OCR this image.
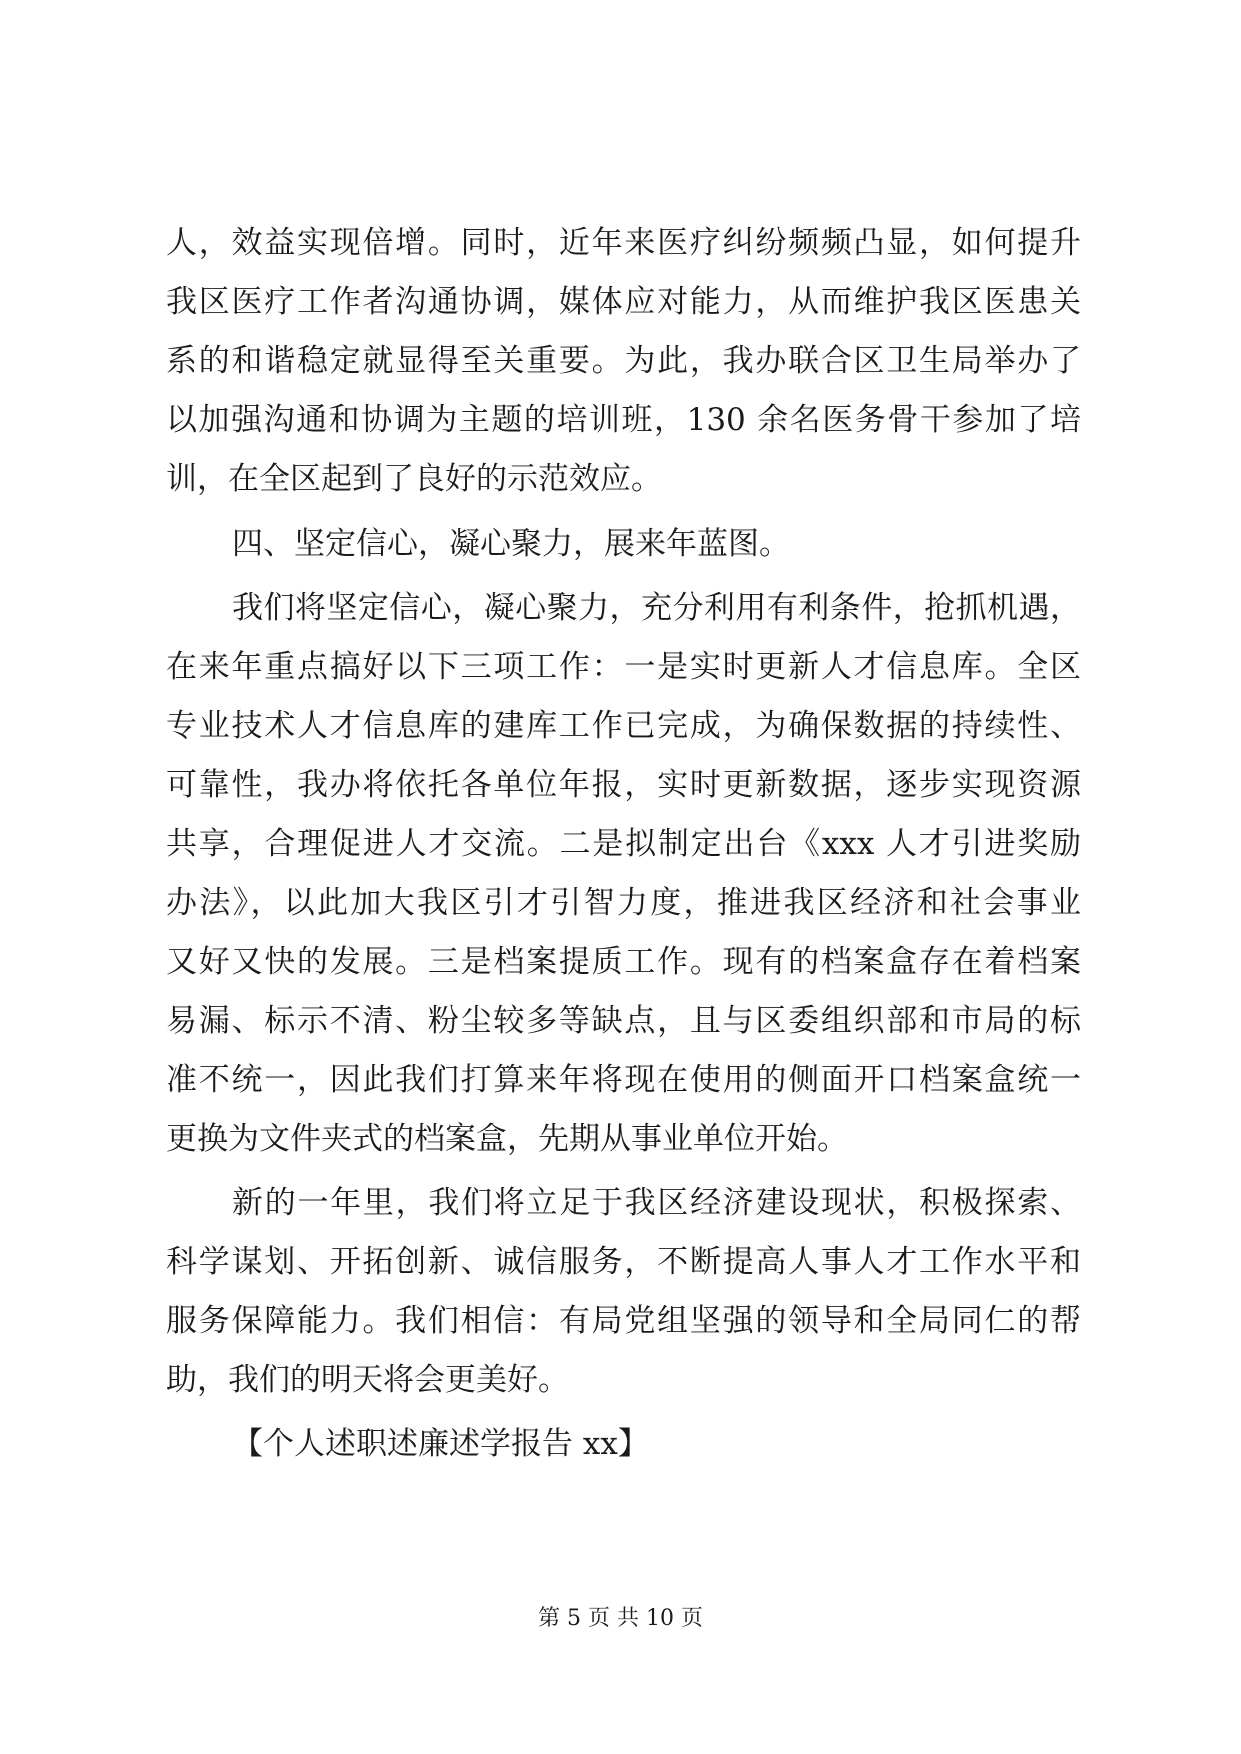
人，效益实现倍增。同时，近年来医疗纠纷频频凸显，如何提升
我区医疗工作者沟通协调，媒体应对能力，从而维护我区医患关
系的和谐稳定就显得至关重要。为此，我办联合区卫生局举办了
以加强沟通和协调为主题的培训班，130 余名医务骨干参加了培
训，在全区起到了良好的示范效应。
四、坚定信心，凝心聚力，展来年蓝图。
我们将坚定信心，凝心聚力，充分利用有利条件，抢抓机遇，
在来年重点搞好以下三项工作：一是实时更新人才信息库。全区
专业技术人才信息库的建库工作已完成，为确保数据的持续性、
可靠性，我办将依托各单位年报，实时更新数据，逐步实现资源
共享，合理促进人才交流。二是拟制定出台《xxx 人才引进奖励
办法》，以此加大我区引才引智力度，推进我区经济和社会事业
又好又快的发展。三是档案提质工作。现有的档案盒存在着档案
易漏、标示不清、粉尘较多等缺点，且与区委组织部和市局的标
准不统一，因此我们打算来年将现在使用的侧面开口档案盒统一
更换为文件夹式的档案盒，先期从事业单位开始。
新的一年里，我们将立足于我区经济建设现状，积极探索、
科学谋划、开拓创新、诚信服务，不断提高人事人才工作水平和
服务保障能力。我们相信：有局党组坚强的领导和全局同仁的帮
助，我们的明天将会更美好。
【个人述职述廉述学报告 xx】
第 5 页 共 10 页
